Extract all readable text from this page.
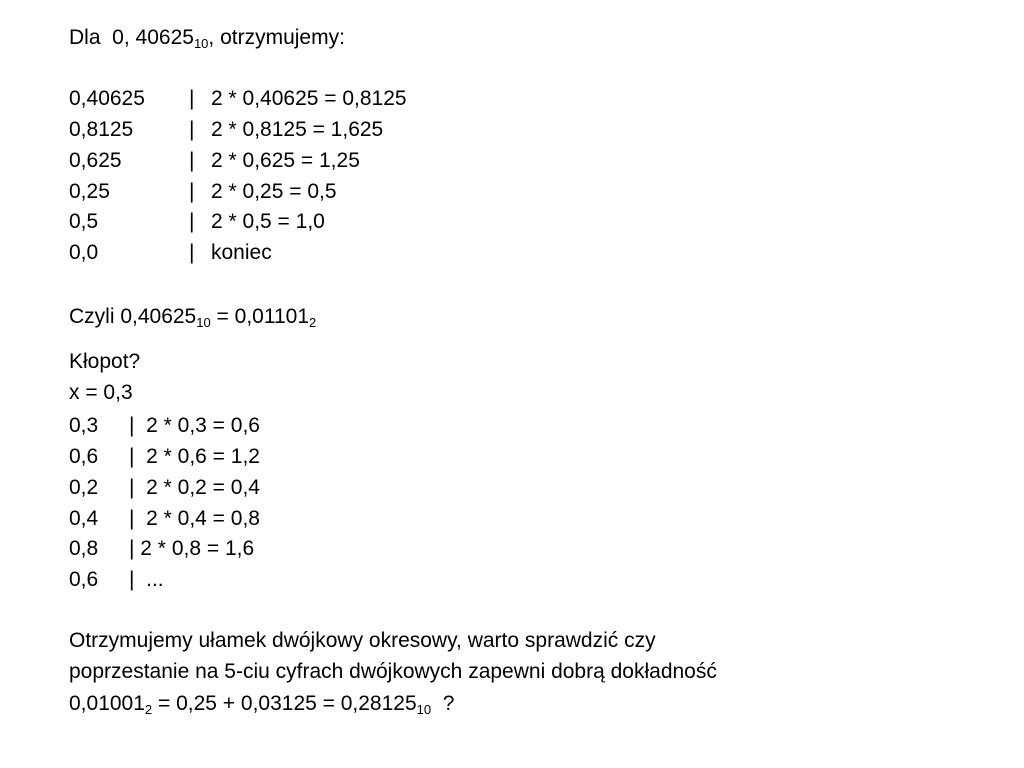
Dla  0, $40625_{10}$, otrzymujemy:
0,40625 |  2 * 0,40625 = 0,8125
0,8125	|  2 * 0,8125 = 1,625
0,625	|  2 * 0,625 = 1,25
0,25	|  2 * 0,25 = 0,5
0,5	|  2 * 0,5 = 1,0
0,0	|  koniec
Czyli $0,40625_{10} = 0,01101_2$
Kłopot?
x = 0,3
0,3 |  2 * 0,3 = 0,6
0,6 |  2 * 0,6 = 1,2
0,2 |  2 * 0,2 = 0,4
0,4 |  2 * 0,4 = 0,8
0,8 | 2 * 0,8 = 1,6
0,6 |  ...
Otrzymujemy ułamek dwójkowy okresowy, warto sprawdzić czy
poprzestanie na 5-ciu cyfrach dwójkowych zapewni dobrą dokładność
$0,01001_2 = 0,25 + 0,03125 = 0,28125_{10}$  ?
